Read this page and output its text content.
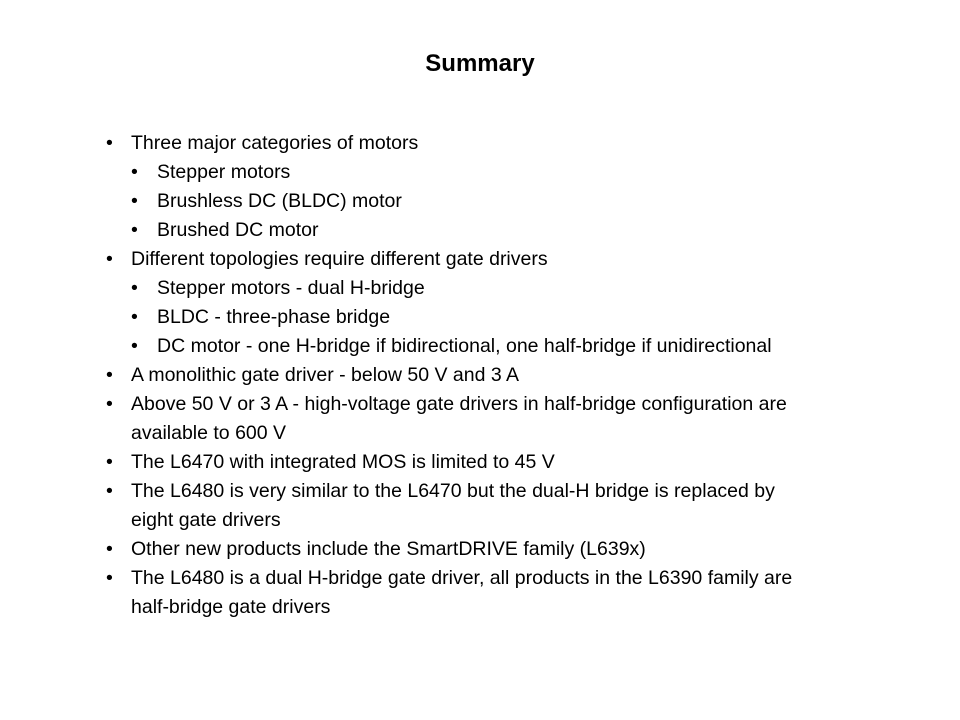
Summary
• Three major categories of motors
• Stepper motors
• Brushless DC (BLDC) motor
• Brushed DC motor
• Different topologies require different gate drivers
• Stepper motors - dual H-bridge
• BLDC - three-phase bridge
• DC motor - one H-bridge if bidirectional, one half-bridge if unidirectional
• A monolithic gate driver - below 50 V and 3 A
• Above 50 V or 3 A - high-voltage gate drivers in half-bridge configuration are available to 600 V
• The L6470 with integrated MOS is limited to 45 V
• The L6480 is very similar to the L6470 but the dual-H bridge is replaced by eight gate drivers
• Other new products include the SmartDRIVE family (L639x)
• The L6480 is a dual H-bridge gate driver, all products in the L6390 family are half-bridge gate drivers
